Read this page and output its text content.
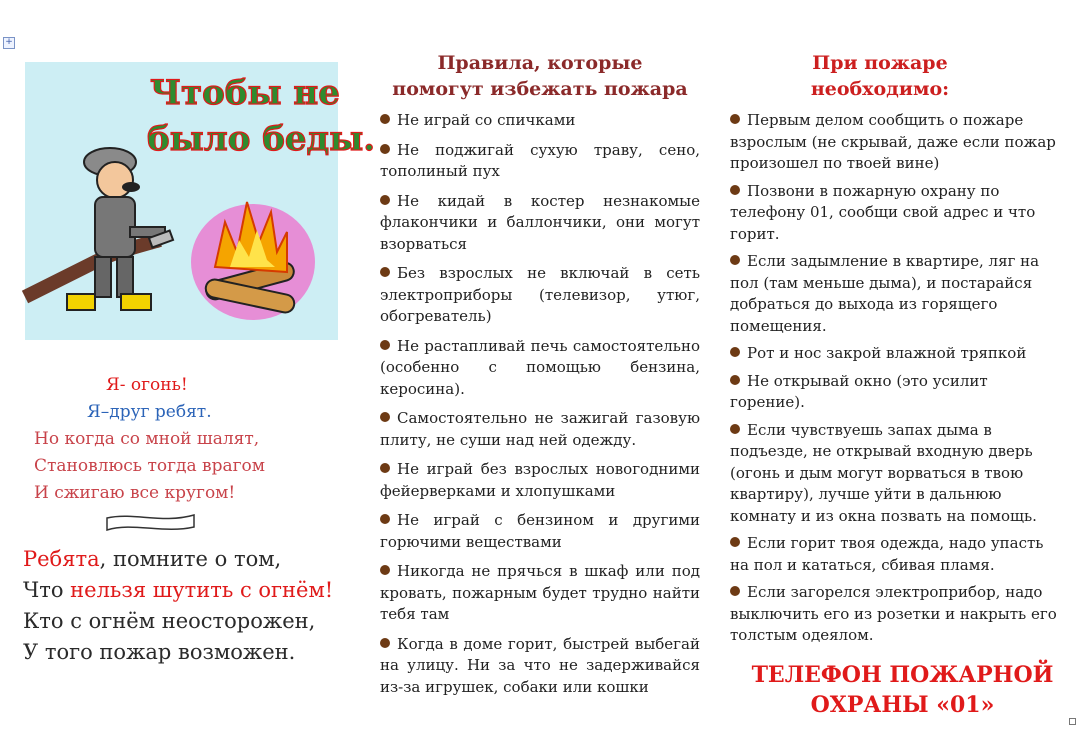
+
Чтобы не
было беды.
Я- огонь!
Я–друг ребят.
Но когда со мной шалят,
Становлюсь тогда врагом
И сжигаю все кругом!
Ребята, помните о том,
Что нельзя шутить с огнём!
Кто с огнём неосторожен,
У того пожар возможен.
Правила, которые
помогут избежать пожара
Не играй со спичками
Не поджигай сухую траву, сено, тополиный пух
Не кидай в костер незнакомые флакончики и баллончики, они могут взорваться
Без взрослых не включай в сеть электроприборы (телевизор, утюг, обогреватель)
Не растапливай печь самостоятельно (особенно с помощью бензина, керосина).
Самостоятельно не зажигай газовую плиту, не суши над ней одежду.
Не играй без взрослых новогодними фейерверками и хлопушками
Не играй с бензином и другими горючими веществами
Никогда не прячься в шкаф или под кровать, пожарным будет трудно найти тебя там
Когда в доме горит, быстрей выбегай на улицу. Ни за что не задерживайся из-за игрушек, собаки или кошки
При пожаре
необходимо:
Первым делом сообщить о пожаре взрослым (не скрывай, даже если пожар произошел по твоей вине)
Позвони в пожарную охрану по телефону 01, сообщи свой адрес и что горит.
Если задымление в квартире, ляг на пол (там меньше дыма), и постарайся добраться до выхода из горящего помещения.
Рот и нос закрой влажной тряпкой
Не открывай окно (это усилит горение).
Если чувствуешь запах дыма в подъезде, не открывай входную дверь (огонь и дым могут ворваться в твою квартиру), лучше уйти в дальнюю комнату и из окна позвать на помощь.
Если горит твоя одежда, надо упасть на пол и кататься, сбивая пламя.
Если загорелся электроприбор, надо выключить его из розетки и накрыть его толстым одеялом.
ТЕЛЕФОН ПОЖАРНОЙ
ОХРАНЫ «01»
